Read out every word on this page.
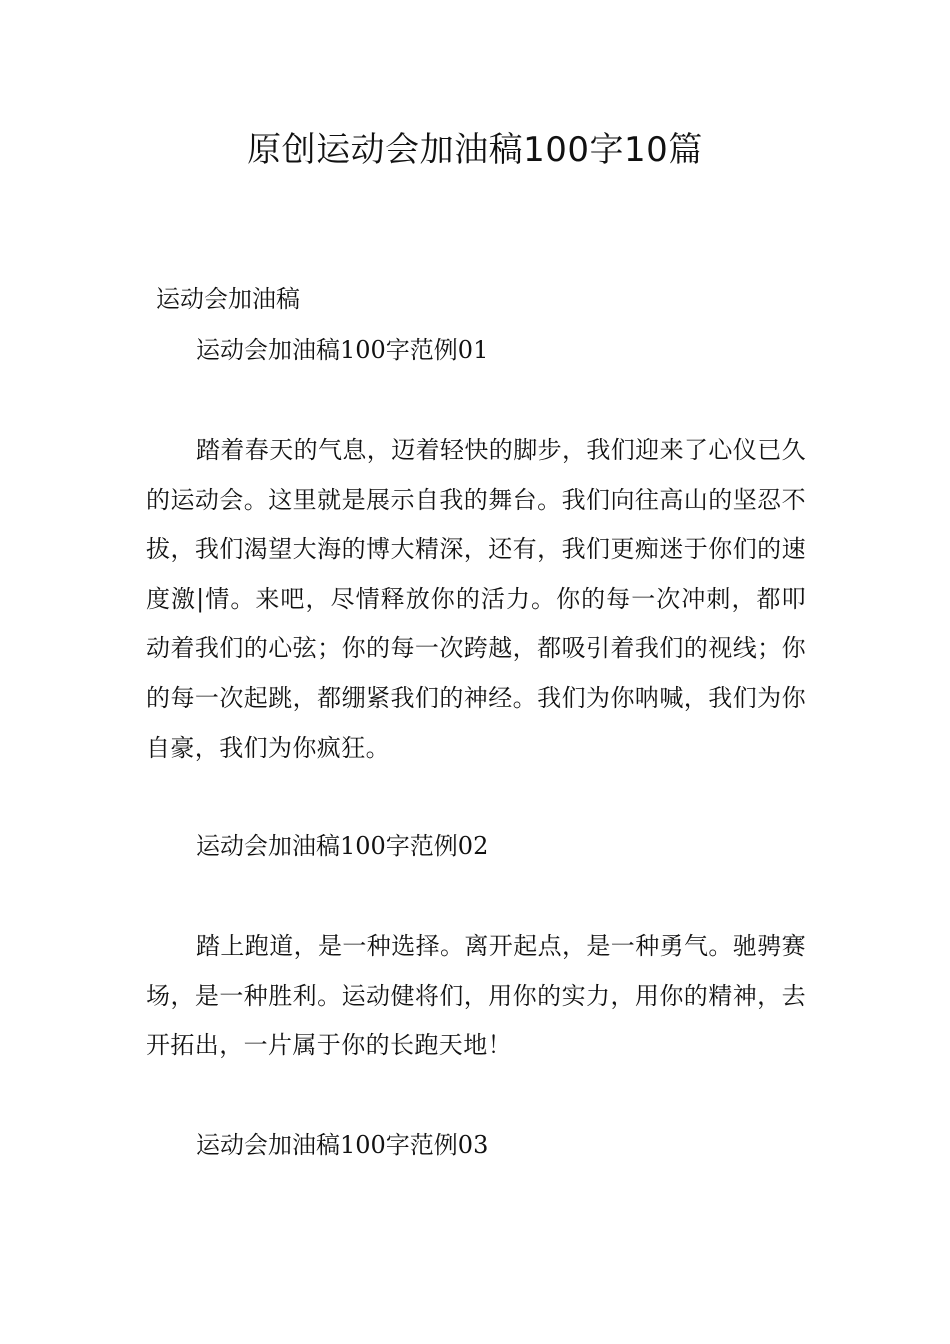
原创运动会加油稿100字10篇

运动会加油稿

运动会加油稿100字范例01

踏着春天的气息，迈着轻快的脚步，我们迎来了心仪已久的运动会。这里就是展示自我的舞台。我们向往高山的坚忍不拔，我们渴望大海的博大精深，还有，我们更痴迷于你们的速度激|情。来吧，尽情释放你的活力。你的每一次冲刺，都叩动着我们的心弦；你的每一次跨越，都吸引着我们的视线；你的每一次起跳，都绷紧我们的神经。我们为你呐喊，我们为你自豪，我们为你疯狂。

运动会加油稿100字范例02

踏上跑道，是一种选择。离开起点，是一种勇气。驰骋赛场，是一种胜利。运动健将们，用你的实力，用你的精神，去开拓出，一片属于你的长跑天地！

运动会加油稿100字范例03
